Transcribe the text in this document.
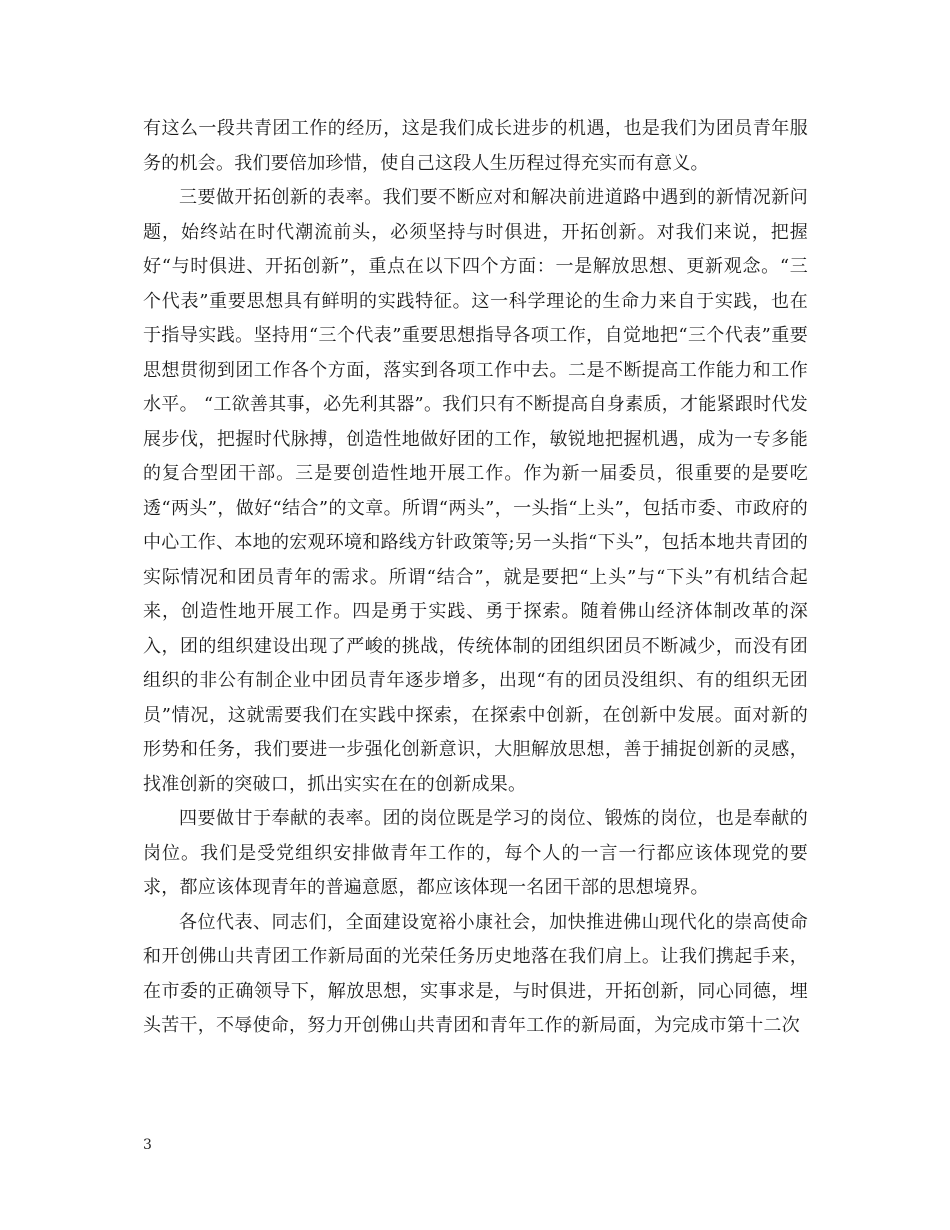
有这么一段共青团工作的经历，这是我们成长进步的机遇，也是我们为团员青年服务的机会。我们要倍加珍惜，使自己这段人生历程过得充实而有意义。

三要做开拓创新的表率。我们要不断应对和解决前进道路中遇到的新情况新问题，始终站在时代潮流前头，必须坚持与时俱进，开拓创新。对我们来说，把握好“与时俱进、开拓创新”，重点在以下四个方面：一是解放思想、更新观念。“三个代表”重要思想具有鲜明的实践特征。这一科学理论的生命力来自于实践，也在于指导实践。坚持用“三个代表”重要思想指导各项工作，自觉地把“三个代表”重要思想贯彻到团工作各个方面，落实到各项工作中去。二是不断提高工作能力和工作水平。 “工欲善其事，必先利其器”。我们只有不断提高自身素质，才能紧跟时代发展步伐，把握时代脉搏，创造性地做好团的工作，敏锐地把握机遇，成为一专多能的复合型团干部。三是要创造性地开展工作。作为新一届委员，很重要的是要吃透“两头”，做好“结合”的文章。所谓“两头”，一头指“上头”，包括市委、市政府的中心工作、本地的宏观环境和路线方针政策等;另一头指“下头”，包括本地共青团的实际情况和团员青年的需求。所谓“结合”，就是要把“上头”与“下头”有机结合起来，创造性地开展工作。四是勇于实践、勇于探索。随着佛山经济体制改革的深入，团的组织建设出现了严峻的挑战，传统体制的团组织团员不断减少，而没有团组织的非公有制企业中团员青年逐步增多，出现“有的团员没组织、有的组织无团员”情况，这就需要我们在实践中探索，在探索中创新，在创新中发展。面对新的形势和任务，我们要进一步强化创新意识，大胆解放思想，善于捕捉创新的灵感，找准创新的突破口，抓出实实在在的创新成果。

四要做甘于奉献的表率。团的岗位既是学习的岗位、锻炼的岗位，也是奉献的岗位。我们是受党组织安排做青年工作的，每个人的一言一行都应该体现党的要求，都应该体现青年的普遍意愿，都应该体现一名团干部的思想境界。

各位代表、同志们，全面建设宽裕小康社会，加快推进佛山现代化的崇高使命和开创佛山共青团工作新局面的光荣任务历史地落在我们肩上。让我们携起手来，在市委的正确领导下，解放思想，实事求是，与时俱进，开拓创新，同心同德，埋头苦干，不辱使命，努力开创佛山共青团和青年工作的新局面，为完成市第十二次

3
